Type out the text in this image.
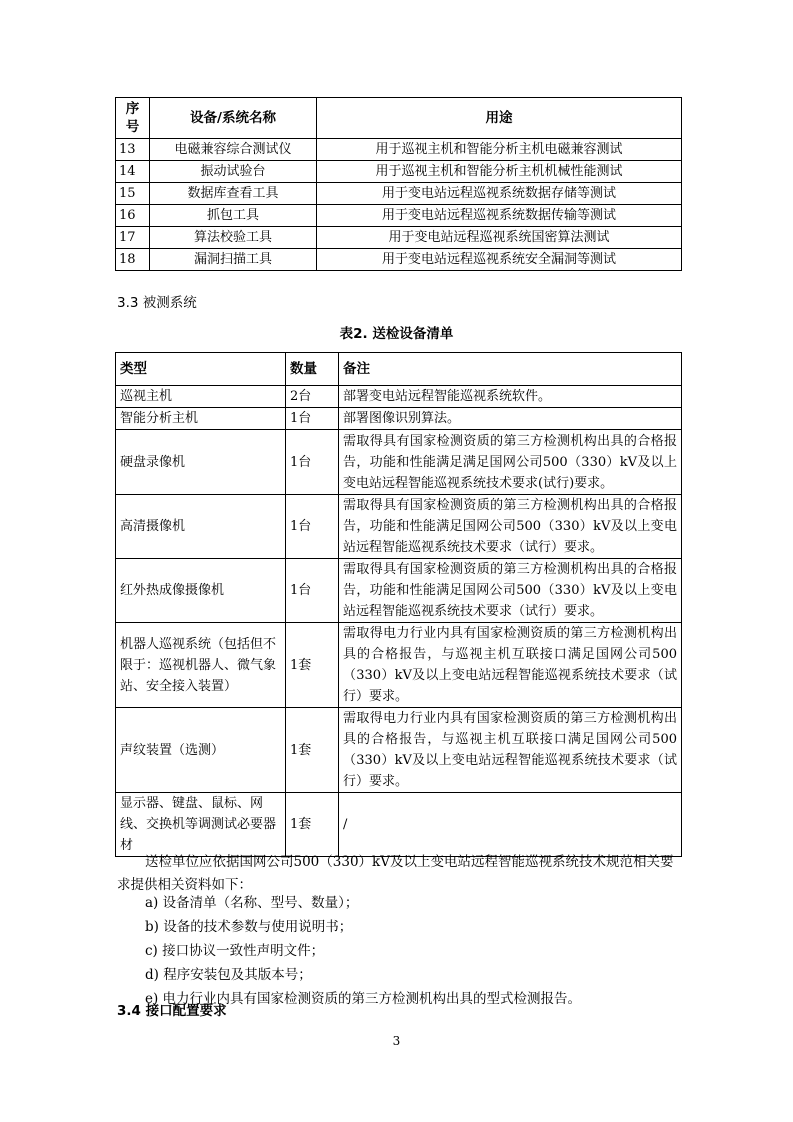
序
号	设备/系统名称	用途
13	电磁兼容综合测试仪	用于巡视主机和智能分析主机电磁兼容测试
14	振动试验台	用于巡视主机和智能分析主机机械性能测试
15	数据库查看工具	用于变电站远程巡视系统数据存储等测试
16	抓包工具	用于变电站远程巡视系统数据传输等测试
17	算法校验工具	用于变电站远程巡视系统国密算法测试
18	漏洞扫描工具	用于变电站远程巡视系统安全漏洞等测试
3.3 被测系统
表2. 送检设备清单
类型	数量	备注
巡视主机	2台	部署变电站远程智能巡视系统软件。
智能分析主机	1台	部署图像识别算法。
硬盘录像机	1台	需取得具有国家检测资质的第三方检测机构出具的合格报告，功能和性能满足满足国网公司500（330）kV及以上变电站远程智能巡视系统技术要求(试行)要求。
高清摄像机	1台	需取得具有国家检测资质的第三方检测机构出具的合格报告，功能和性能满足国网公司500（330）kV及以上变电站远程智能巡视系统技术要求（试行）要求。
红外热成像摄像机	1台	需取得具有国家检测资质的第三方检测机构出具的合格报告，功能和性能满足国网公司500（330）kV及以上变电站远程智能巡视系统技术要求（试行）要求。
机器人巡视系统（包括但不限于：巡视机器人、微气象站、安全接入装置）	1套	需取得电力行业内具有国家检测资质的第三方检测机构出具的合格报告，与巡视主机互联接口满足国网公司500（330）kV及以上变电站远程智能巡视系统技术要求（试行）要求。
声纹装置（选测）	1套	需取得电力行业内具有国家检测资质的第三方检测机构出具的合格报告，与巡视主机互联接口满足国网公司500（330）kV及以上变电站远程智能巡视系统技术要求（试行）要求。
显示器、键盘、鼠标、网线、交换机等调测试必要器材	1套	/
送检单位应依据国网公司500（330）kV及以上变电站远程智能巡视系统技术规范相关要求提供相关资料如下：
a) 设备清单（名称、型号、数量）；
b) 设备的技术参数与使用说明书；
c) 接口协议一致性声明文件；
d) 程序安装包及其版本号；
e) 电力行业内具有国家检测资质的第三方检测机构出具的型式检测报告。
3.4 接口配置要求
3
